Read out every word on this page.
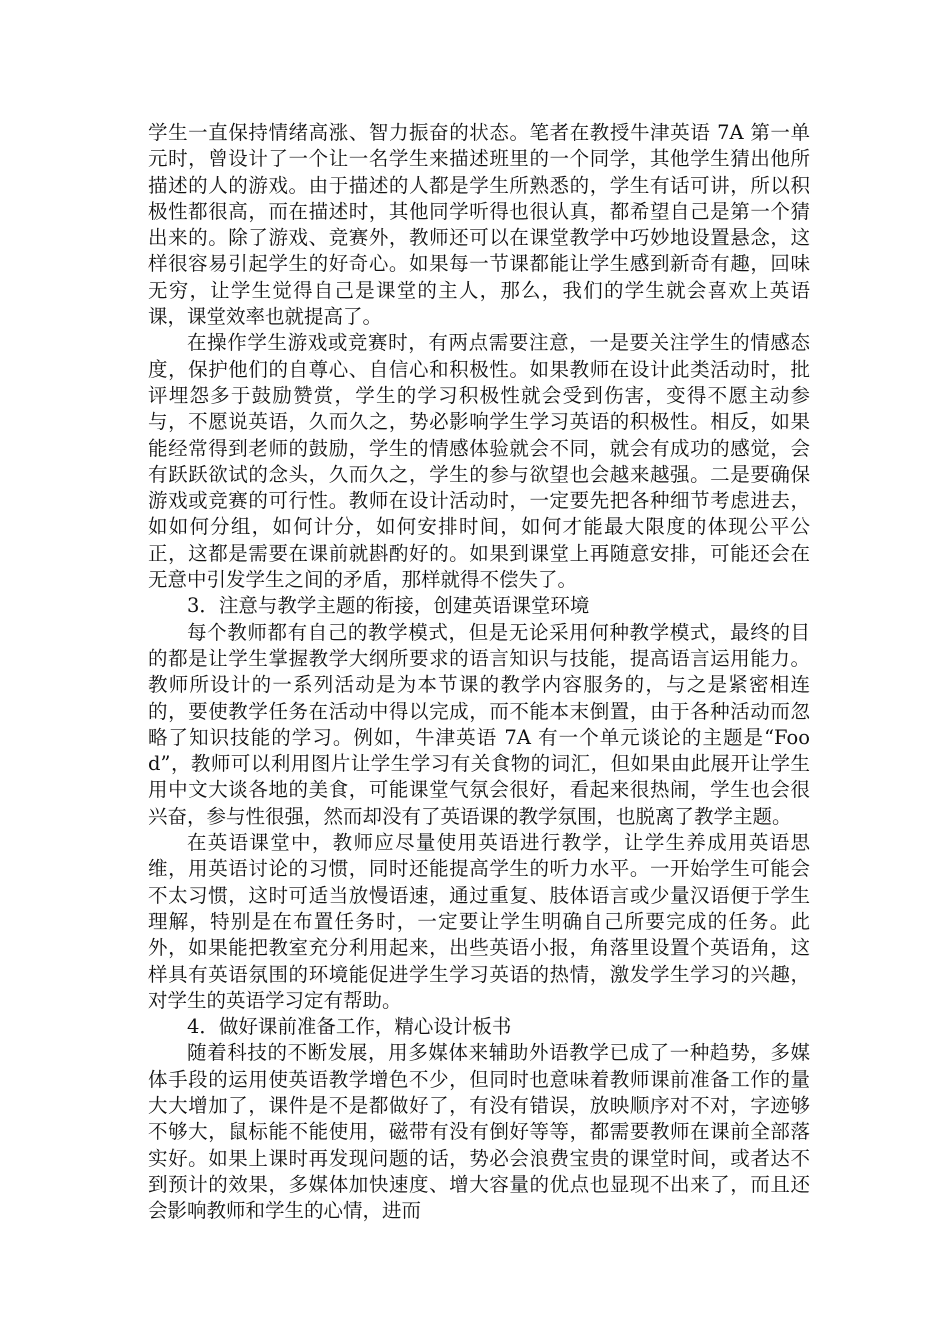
学生一直保持情绪高涨、智力振奋的状态。笔者在教授牛津英语 7A 第一单元时，曾设计了一个让一名学生来描述班里的一个同学，其他学生猜出他所描述的人的游戏。由于描述的人都是学生所熟悉的，学生有话可讲，所以积极性都很高，而在描述时，其他同学听得也很认真，都希望自己是第一个猜出来的。除了游戏、竞赛外，教师还可以在课堂教学中巧妙地设置悬念，这样很容易引起学生的好奇心。如果每一节课都能让学生感到新奇有趣，回味无穷，让学生觉得自己是课堂的主人，那么，我们的学生就会喜欢上英语课，课堂效率也就提高了。

在操作学生游戏或竞赛时，有两点需要注意，一是要关注学生的情感态度，保护他们的自尊心、自信心和积极性。如果教师在设计此类活动时，批评埋怨多于鼓励赞赏，学生的学习积极性就会受到伤害，变得不愿主动参与，不愿说英语，久而久之，势必影响学生学习英语的积极性。相反，如果能经常得到老师的鼓励，学生的情感体验就会不同，就会有成功的感觉，会有跃跃欲试的念头，久而久之，学生的参与欲望也会越来越强。二是要确保游戏或竞赛的可行性。教师在设计活动时，一定要先把各种细节考虑进去，如如何分组，如何计分，如何安排时间，如何才能最大限度的体现公平公正，这都是需要在课前就斟酌好的。如果到课堂上再随意安排，可能还会在无意中引发学生之间的矛盾，那样就得不偿失了。

3．注意与教学主题的衔接，创建英语课堂环境

每个教师都有自己的教学模式，但是无论采用何种教学模式，最终的目的都是让学生掌握教学大纲所要求的语言知识与技能，提高语言运用能力。教师所设计的一系列活动是为本节课的教学内容服务的，与之是紧密相连的，要使教学任务在活动中得以完成，而不能本末倒置，由于各种活动而忽略了知识技能的学习。例如，牛津英语 7A 有一个单元谈论的主题是“Food”，教师可以利用图片让学生学习有关食物的词汇，但如果由此展开让学生用中文大谈各地的美食，可能课堂气氛会很好，看起来很热闹，学生也会很兴奋，参与性很强，然而却没有了英语课的教学氛围，也脱离了教学主题。

在英语课堂中，教师应尽量使用英语进行教学，让学生养成用英语思维，用英语讨论的习惯，同时还能提高学生的听力水平。一开始学生可能会不太习惯，这时可适当放慢语速，通过重复、肢体语言或少量汉语便于学生理解，特别是在布置任务时，一定要让学生明确自己所要完成的任务。此外，如果能把教室充分利用起来，出些英语小报，角落里设置个英语角，这样具有英语氛围的环境能促进学生学习英语的热情，激发学生学习的兴趣，对学生的英语学习定有帮助。

4．做好课前准备工作，精心设计板书

随着科技的不断发展，用多媒体来辅助外语教学已成了一种趋势，多媒体手段的运用使英语教学增色不少，但同时也意味着教师课前准备工作的量大大增加了，课件是不是都做好了，有没有错误，放映顺序对不对，字迹够不够大，鼠标能不能使用，磁带有没有倒好等等，都需要教师在课前全部落实好。如果上课时再发现问题的话，势必会浪费宝贵的课堂时间，或者达不到预计的效果，多媒体加快速度、增大容量的优点也显现不出来了，而且还会影响教师和学生的心情，进而
